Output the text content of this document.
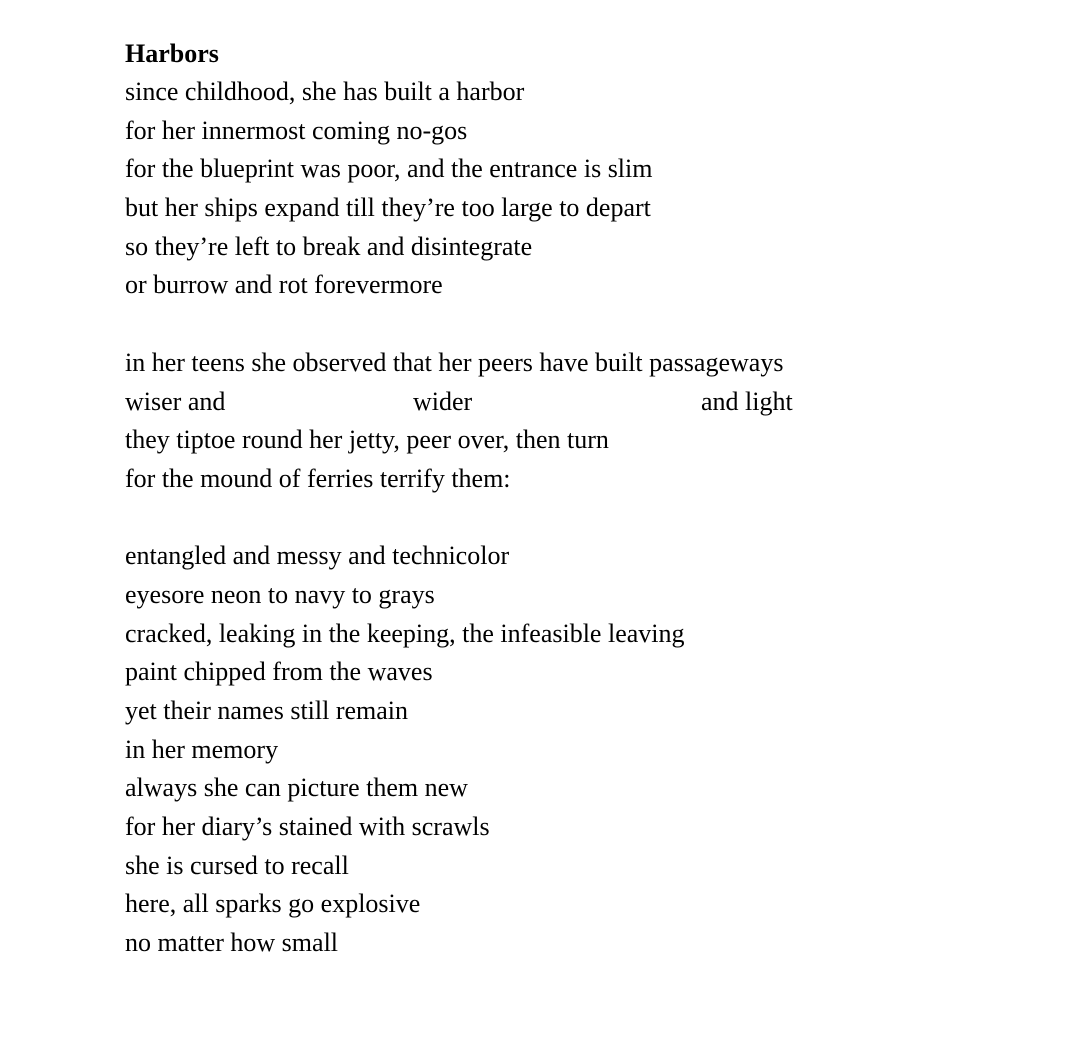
Harbors
since childhood, she has built a harbor
for her innermost coming no-gos
for the blueprint was poor, and the entrance is slim
but her ships expand till they’re too large to depart
so they’re left to break and disintegrate
or burrow and rot forevermore
in her teens she observed that her peers have built passageways
wiser and	wider	and light
they tiptoe round her jetty, peer over, then turn
for the mound of ferries terrify them:
entangled and messy and technicolor
eyesore neon to navy to grays
cracked, leaking in the keeping, the infeasible leaving
paint chipped from the waves
yet their names still remain
in her memory
always she can picture them new
for her diary’s stained with scrawls
she is cursed to recall
here, all sparks go explosive
no matter how small
